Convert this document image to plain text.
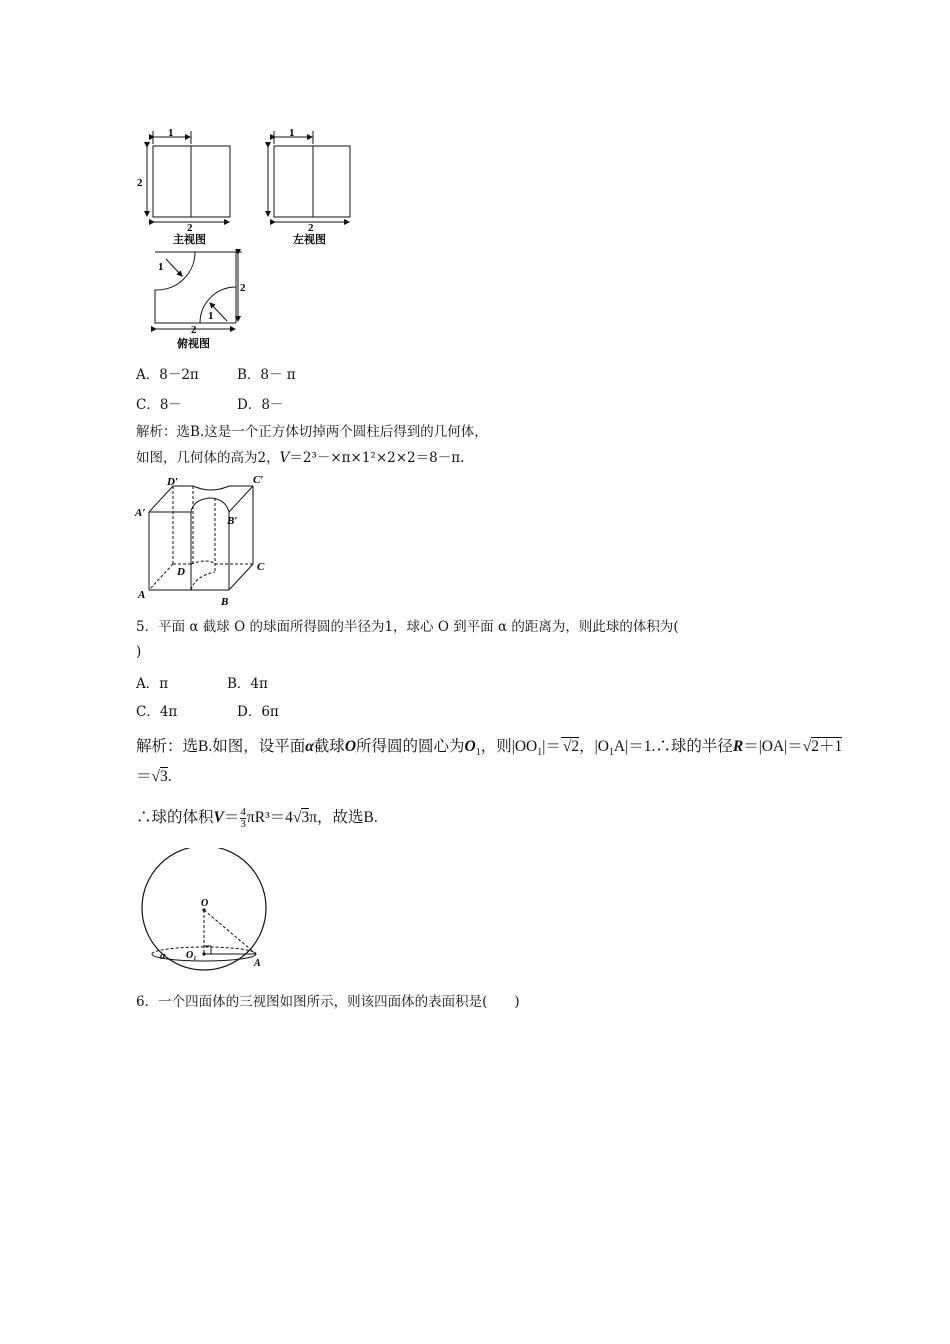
1
2
2
主视图
1
2
左视图
1
1
2
2
俯视图
A．8－2π	B．8－ π
C．8－	D．8－
解析：选B.这是一个正方体切掉两个圆柱后得到的几何体，
如图，几何体的高为2，V＝2³－×π×1²×2×2＝8－π.
D′	C′
A′
B′
D	C
A
B
5．平面 α 截球 O 的球面所得圆的半径为1，球心 O 到平面 α 的距离为，则此球的体积为(
)
A．π	B．4π
C．4π	D．6π
解析：选B.如图，设平面α截球O所得圆的圆心为$O_1$，则$|OO_1|= √2$，$|O_1A|=1.\therefore$球的半径R＝|OA|＝√2＋1
＝√3.
∴球的体积$V= \frac{4}{3} \pi R^3=4√3\pi$，故选B.
O
O₁
A
α
6．一个四面体的三视图如图所示，则该四面体的表面积是(　　)
